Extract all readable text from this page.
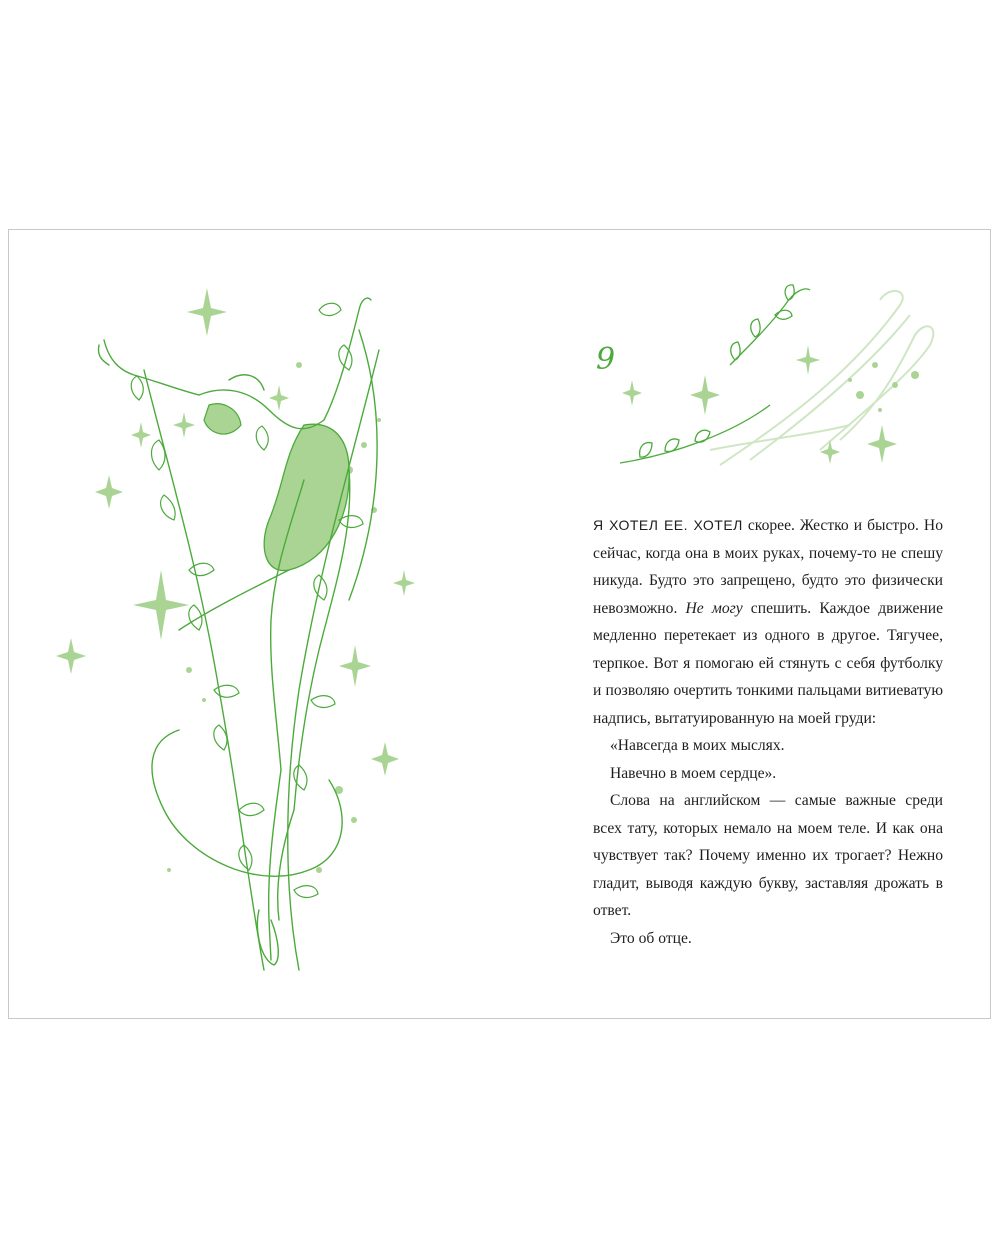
9

Я ХОТЕЛ ЕЕ. ХОТЕЛ скорее. Жестко и быстро. Но сейчас, когда она в моих руках, почему-то не спешу никуда. Будто это запрещено, будто это физически невозможно. Не могу спешить. Каждое движение медленно перетекает из одного в другое. Тягучее, терпкое. Вот я помогаю ей стянуть с себя футболку и позволяю очертить тонкими пальцами витиеватую надпись, вытатуированную на моей груди:

«Навсегда в моих мыслях.

Навечно в моем сердце».

Слова на английском — самые важные среди всех тату, которых немало на моем теле. И как она чувствует так? Почему именно их трогает? Нежно гладит, выводя каждую букву, заставляя дрожать в ответ.

Это об отце.
